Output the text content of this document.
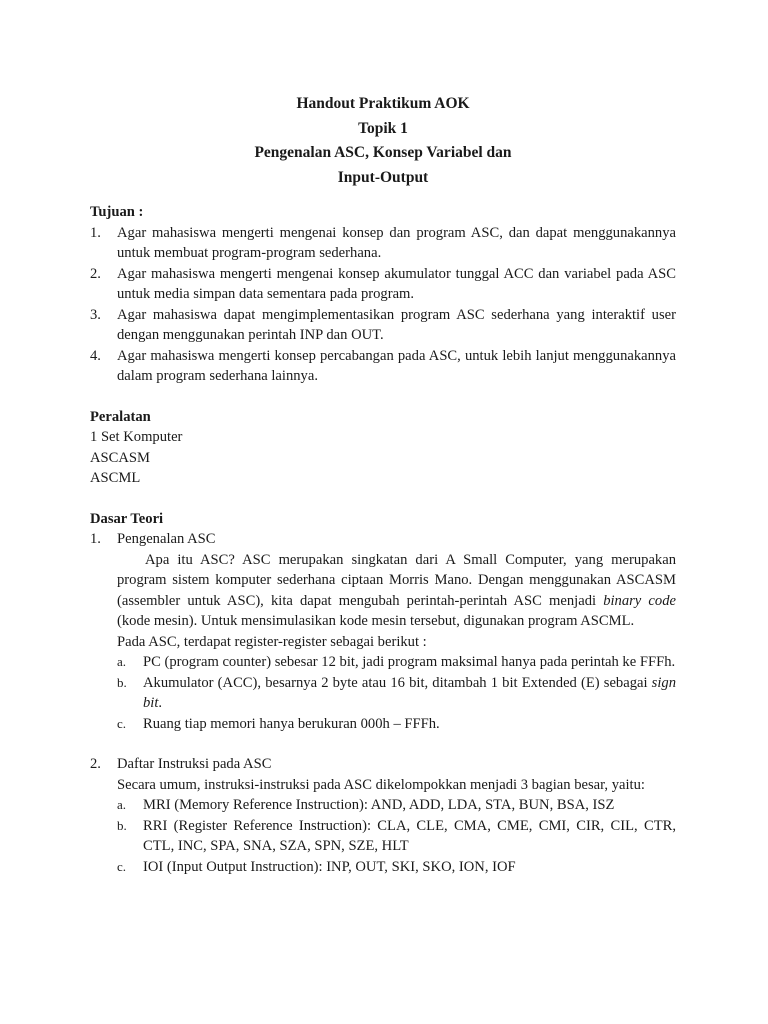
Handout Praktikum AOK
Topik 1
Pengenalan ASC, Konsep Variabel dan
Input-Output
Tujuan :
1. Agar mahasiswa mengerti mengenai konsep dan program ASC, dan dapat menggunakannya untuk membuat program-program sederhana.
2. Agar mahasiswa mengerti mengenai konsep akumulator tunggal ACC dan variabel pada ASC untuk media simpan data sementara pada program.
3. Agar mahasiswa dapat mengimplementasikan program ASC sederhana yang interaktif user dengan menggunakan perintah INP dan OUT.
4. Agar mahasiswa mengerti konsep percabangan pada ASC, untuk lebih lanjut menggunakannya dalam program sederhana lainnya.
Peralatan
1 Set Komputer
ASCASM
ASCML
Dasar Teori
1. Pengenalan ASC
Apa itu ASC? ASC merupakan singkatan dari A Small Computer, yang merupakan program sistem komputer sederhana ciptaan Morris Mano. Dengan menggunakan ASCASM (assembler untuk ASC), kita dapat mengubah perintah-perintah ASC menjadi binary code (kode mesin). Untuk mensimulasikan kode mesin tersebut, digunakan program ASCML.
Pada ASC, terdapat register-register sebagai berikut :
a. PC (program counter) sebesar 12 bit, jadi program maksimal hanya pada perintah ke FFFh.
b. Akumulator (ACC), besarnya 2 byte atau 16 bit, ditambah 1 bit Extended (E) sebagai sign bit.
c. Ruang tiap memori hanya berukuran 000h – FFFh.
2. Daftar Instruksi pada ASC
Secara umum, instruksi-instruksi pada ASC dikelompokkan menjadi 3 bagian besar, yaitu:
a. MRI (Memory Reference Instruction): AND, ADD, LDA, STA, BUN, BSA, ISZ
b. RRI (Register Reference Instruction): CLA, CLE, CMA, CME, CMI, CIR, CIL, CTR, CTL, INC, SPA, SNA, SZA, SPN, SZE, HLT
c. IOI (Input Output Instruction): INP, OUT, SKI, SKO, ION, IOF
